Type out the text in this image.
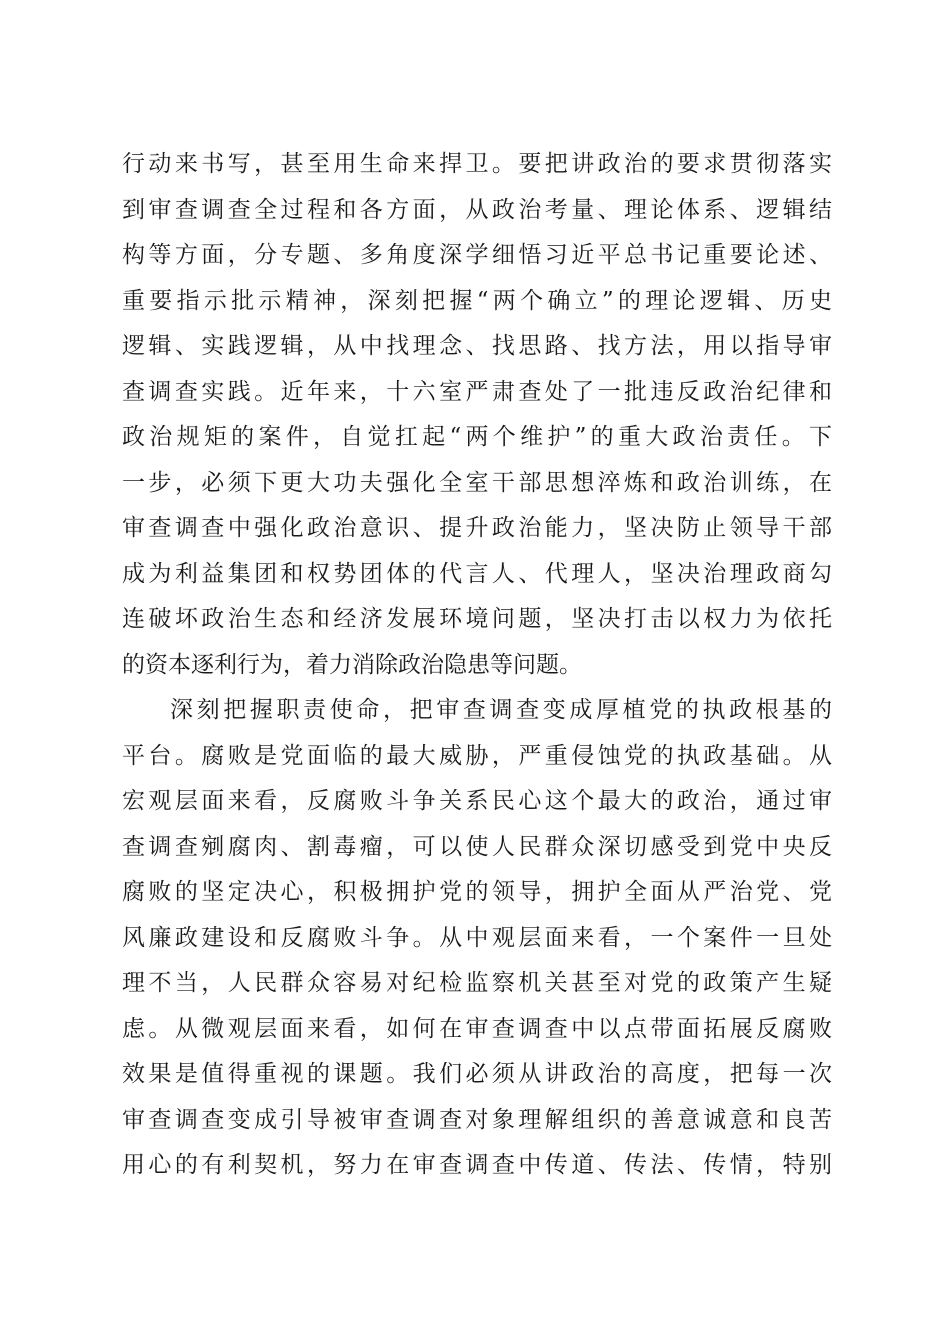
行动来书写，甚至用生命来捍卫。要把讲政治的要求贯彻落实
到审查调查全过程和各方面，从政治考量、理论体系、逻辑结
构等方面，分专题、多角度深学细悟习近平总书记重要论述、
重要指示批示精神，深刻把握“两个确立”的理论逻辑、历史
逻辑、实践逻辑，从中找理念、找思路、找方法，用以指导审
查调查实践。近年来，十六室严肃查处了一批违反政治纪律和
政治规矩的案件，自觉扛起“两个维护”的重大政治责任。下
一步，必须下更大功夫强化全室干部思想淬炼和政治训练，在
审查调查中强化政治意识、提升政治能力，坚决防止领导干部
成为利益集团和权势团体的代言人、代理人，坚决治理政商勾
连破坏政治生态和经济发展环境问题，坚决打击以权力为依托
的资本逐利行为，着力消除政治隐患等问题。
深刻把握职责使命，把审查调查变成厚植党的执政根基的
平台。腐败是党面临的最大威胁，严重侵蚀党的执政基础。从
宏观层面来看，反腐败斗争关系民心这个最大的政治，通过审
查调查剜腐肉、割毒瘤，可以使人民群众深切感受到党中央反
腐败的坚定决心，积极拥护党的领导，拥护全面从严治党、党
风廉政建设和反腐败斗争。从中观层面来看，一个案件一旦处
理不当，人民群众容易对纪检监察机关甚至对党的政策产生疑
虑。从微观层面来看，如何在审查调查中以点带面拓展反腐败
效果是值得重视的课题。我们必须从讲政治的高度，把每一次
审查调查变成引导被审查调查对象理解组织的善意诚意和良苦
用心的有利契机，努力在审查调查中传道、传法、传情，特别
